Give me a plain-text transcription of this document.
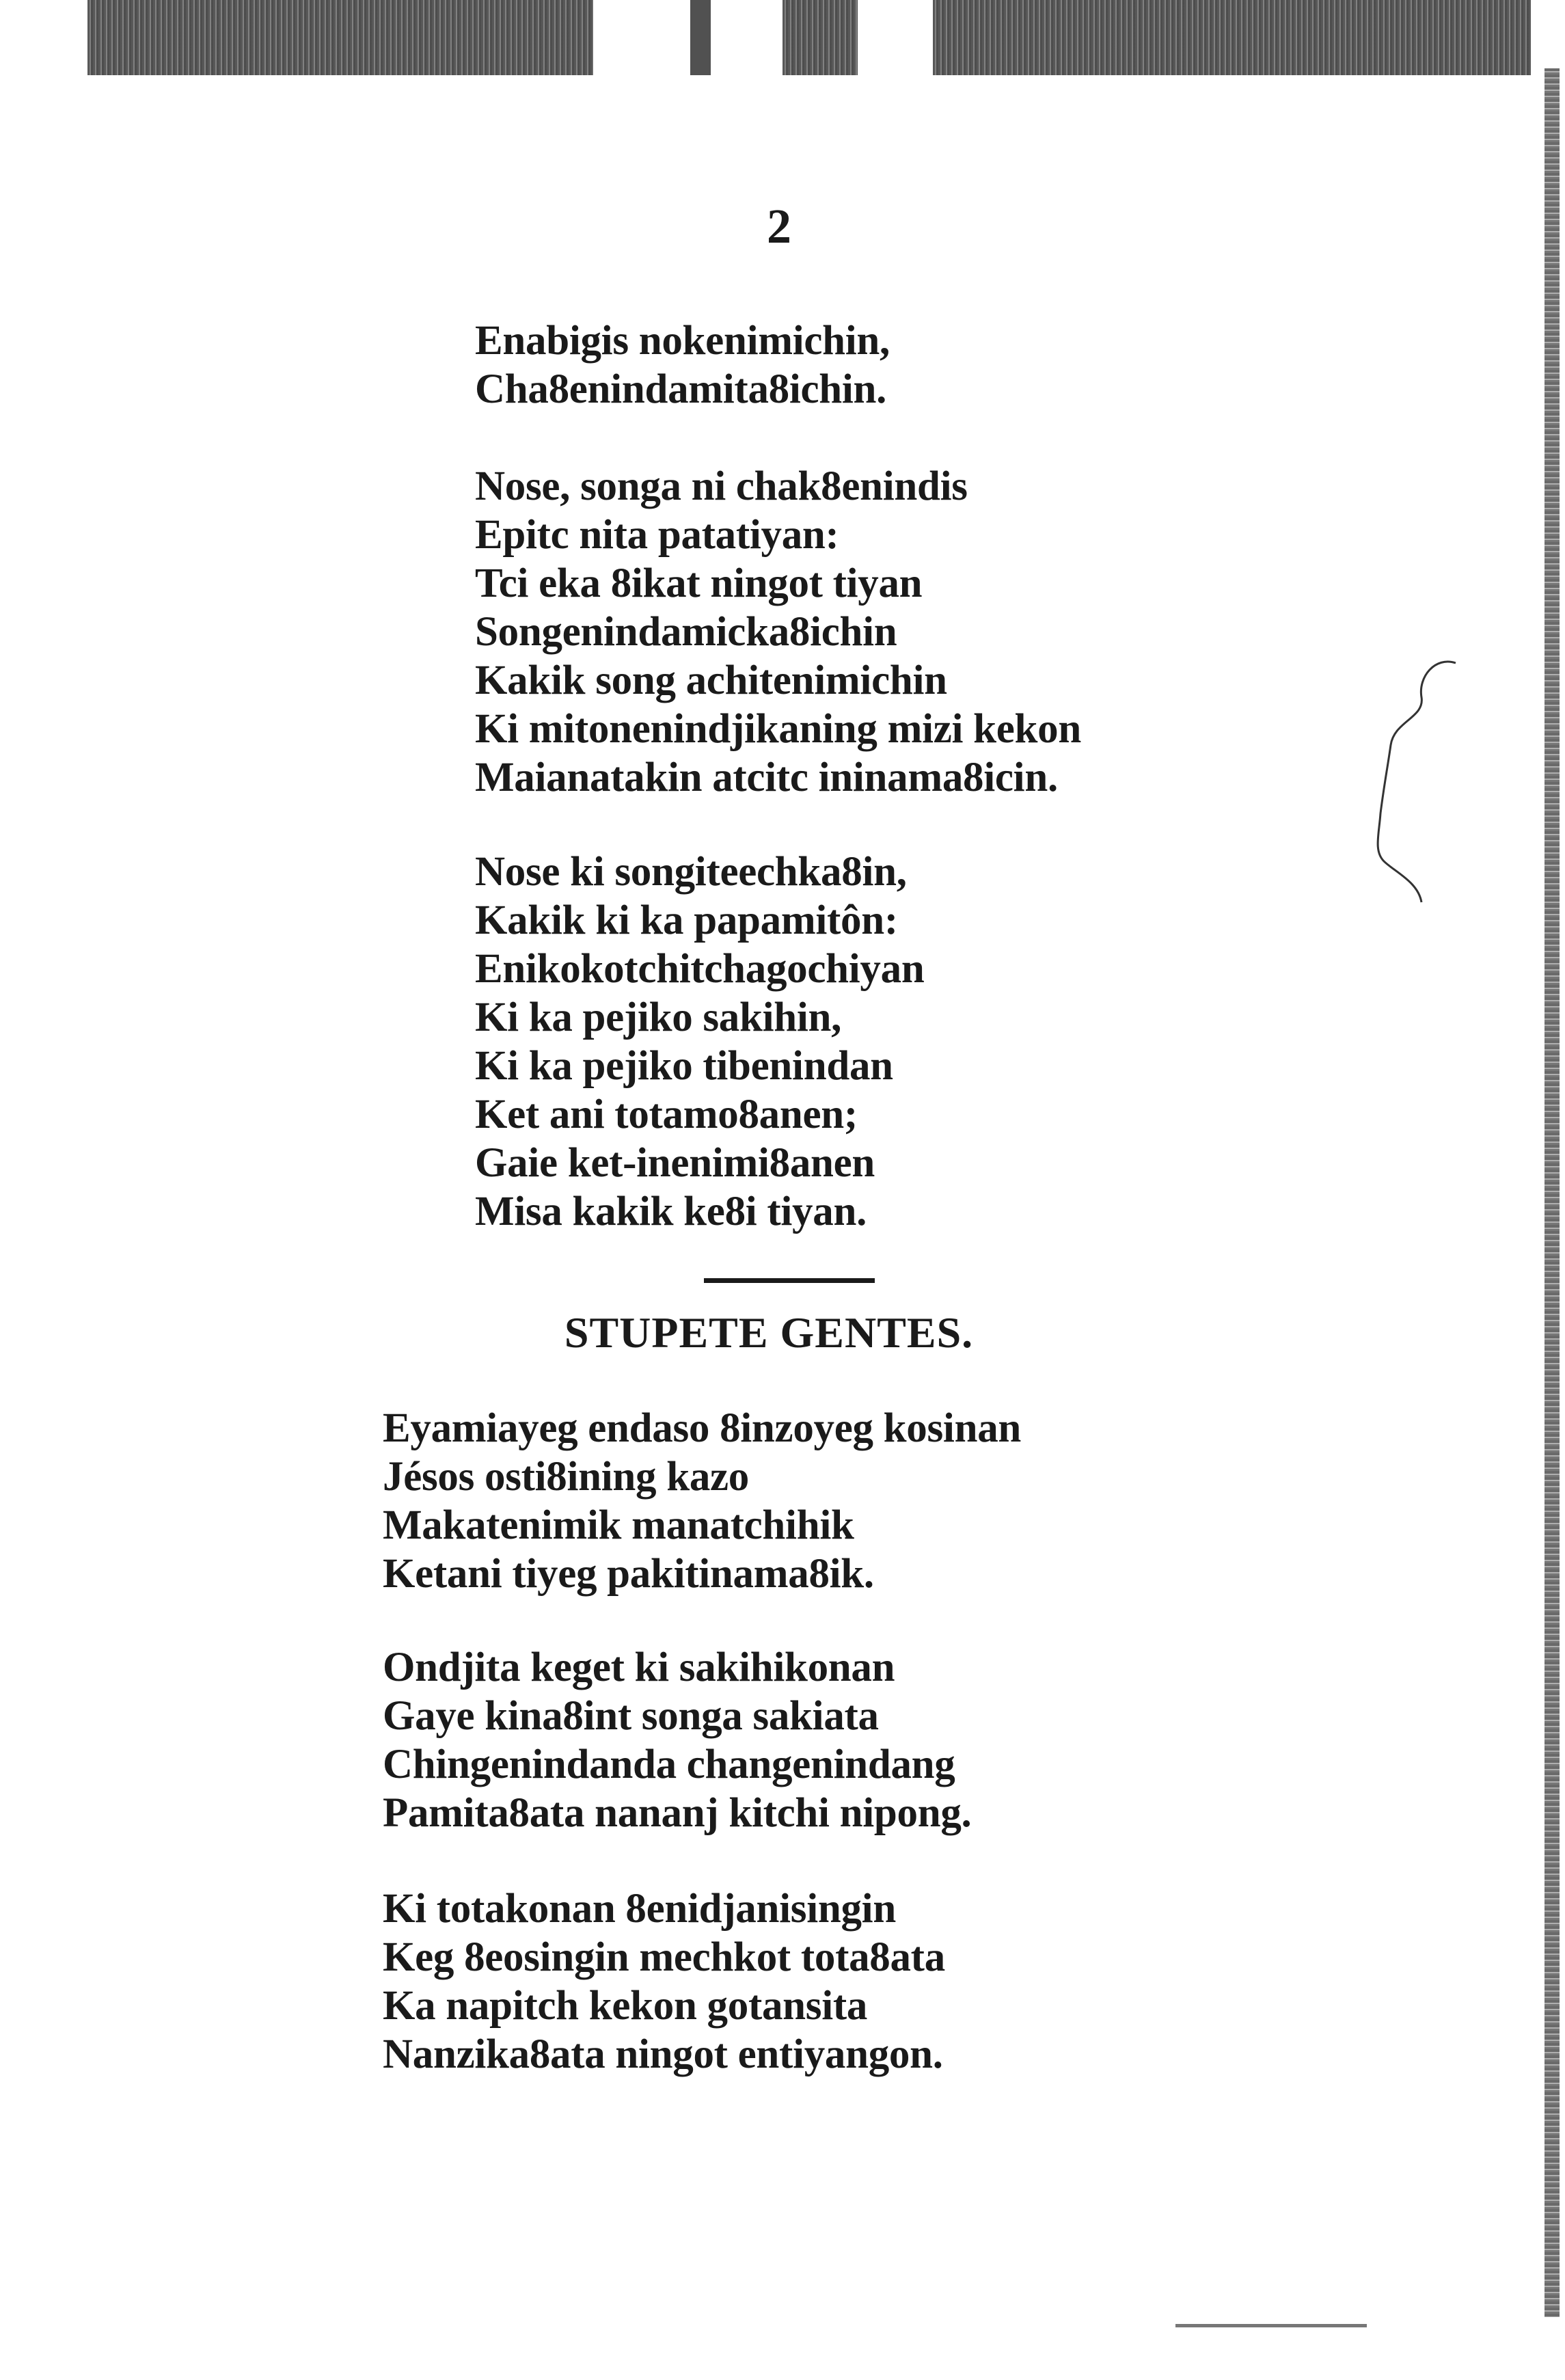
2
Enabigis nokenimichin,
Cha8enindamita8ichin.
Nose, songa ni chak8enindis
Epitc nita patatiyan:
Tci eka 8ikat ningot tiyan
Songenindamicka8ichin
Kakik song achitenimichin
Ki mitonenindjikaning mizi kekon
Maianatakin atcitc ininama8icin.
Nose ki songiteechka8in,
Kakik ki ka papamitôn:
Enikokotchitchagochiyan
Ki ka pejiko sakihin,
Ki ka pejiko tibenindan
Ket ani totamo8anen;
Gaie ket-inenimi8anen
Misa kakik ke8i tiyan.
STUPETE GENTES.
Eyamiayeg endaso 8inzoyeg kosinan
Jésos osti8ining kazo
Makatenimik manatchihik
Ketani tiyeg pakitinama8ik.
Ondjita keget ki sakihikonan
Gaye kina8int songa sakiata
Chingenindanda changenindang
Pamita8ata nananj kitchi nipong.
Ki totakonan 8enidjanisingin
Keg 8eosingin mechkot tota8ata
Ka napitch kekon gotansita
Nanzika8ata ningot entiyangon.
